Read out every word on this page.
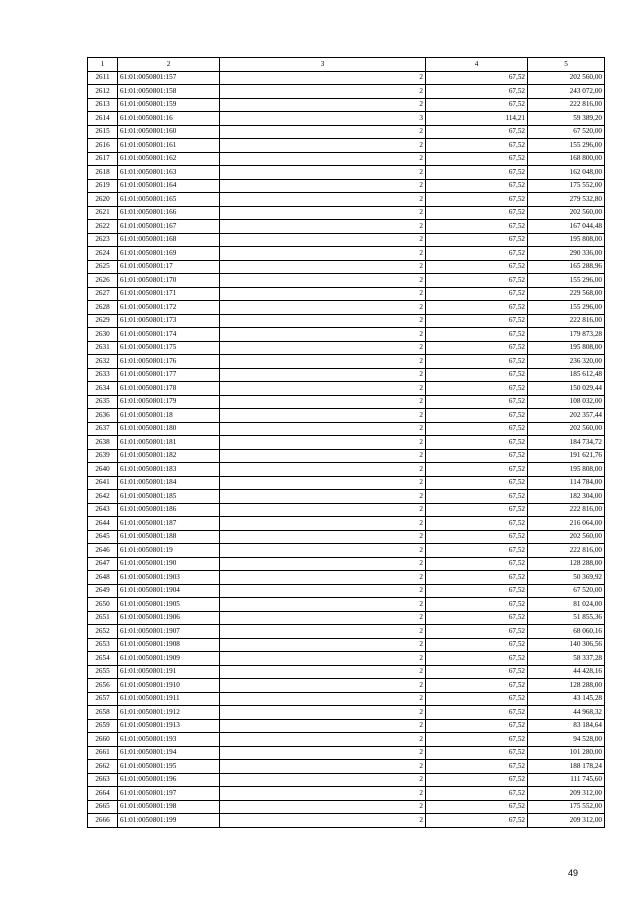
1	2	3	4	5
2611	61:01:0050801:157	2	67,52	202 560,00
2612	61:01:0050801:158	2	67,52	243 072,00
2613	61:01:0050801:159	2	67,52	222 816,00
2614	61:01:0050801:16	3	114,21	59 389,20
2615	61:01:0050801:160	2	67,52	67 520,00
2616	61:01:0050801:161	2	67,52	155 296,00
2617	61:01:0050801:162	2	67,52	168 800,00
2618	61:01:0050801:163	2	67,52	162 048,00
2619	61:01:0050801:164	2	67,52	175 552,00
2620	61:01:0050801:165	2	67,52	279 532,80
2621	61:01:0050801:166	2	67,52	202 560,00
2622	61:01:0050801:167	2	67,52	167 044,48
2623	61:01:0050801:168	2	67,52	195 808,00
2624	61:01:0050801:169	2	67,52	290 336,00
2625	61:01:0050801:17	2	67,52	165 288,96
2626	61:01:0050801:170	2	67,52	155 296,00
2627	61:01:0050801:171	2	67,52	229 568,00
2628	61:01:0050801:172	2	67,52	155 296,00
2629	61:01:0050801:173	2	67,52	222 816,00
2630	61:01:0050801:174	2	67,52	179 873,28
2631	61:01:0050801:175	2	67,52	195 808,00
2632	61:01:0050801:176	2	67,52	236 320,00
2633	61:01:0050801:177	2	67,52	185 612,48
2634	61:01:0050801:178	2	67,52	150 029,44
2635	61:01:0050801:179	2	67,52	108 032,00
2636	61:01:0050801:18	2	67,52	202 357,44
2637	61:01:0050801:180	2	67,52	202 560,00
2638	61:01:0050801:181	2	67,52	184 734,72
2639	61:01:0050801:182	2	67,52	191 621,76
2640	61:01:0050801:183	2	67,52	195 808,00
2641	61:01:0050801:184	2	67,52	114 784,00
2642	61:01:0050801:185	2	67,52	182 304,00
2643	61:01:0050801:186	2	67,52	222 816,00
2644	61:01:0050801:187	2	67,52	216 064,00
2645	61:01:0050801:188	2	67,52	202 560,00
2646	61:01:0050801:19	2	67,52	222 816,00
2647	61:01:0050801:190	2	67,52	128 288,00
2648	61:01:0050801:1903	2	67,52	50 369,92
2649	61:01:0050801:1904	2	67,52	67 520,00
2650	61:01:0050801:1905	2	67,52	81 024,00
2651	61:01:0050801:1906	2	67,52	51 855,36
2652	61:01:0050801:1907	2	67,52	68 060,16
2653	61:01:0050801:1908	2	67,52	140 306,56
2654	61:01:0050801:1909	2	67,52	58 337,28
2655	61:01:0050801:191	2	67,52	44 428,16
2656	61:01:0050801:1910	2	67,52	128 288,00
2657	61:01:0050801:1911	2	67,52	43 145,28
2658	61:01:0050801:1912	2	67,52	44 968,32
2659	61:01:0050801:1913	2	67,52	83 184,64
2660	61:01:0050801:193	2	67,52	94 528,00
2661	61:01:0050801:194	2	67,52	101 280,00
2662	61:01:0050801:195	2	67,52	188 178,24
2663	61:01:0050801:196	2	67,52	111 745,60
2664	61:01:0050801:197	2	67,52	209 312,00
2665	61:01:0050801:198	2	67,52	175 552,00
2666	61:01:0050801:199	2	67,52	209 312,00
49
